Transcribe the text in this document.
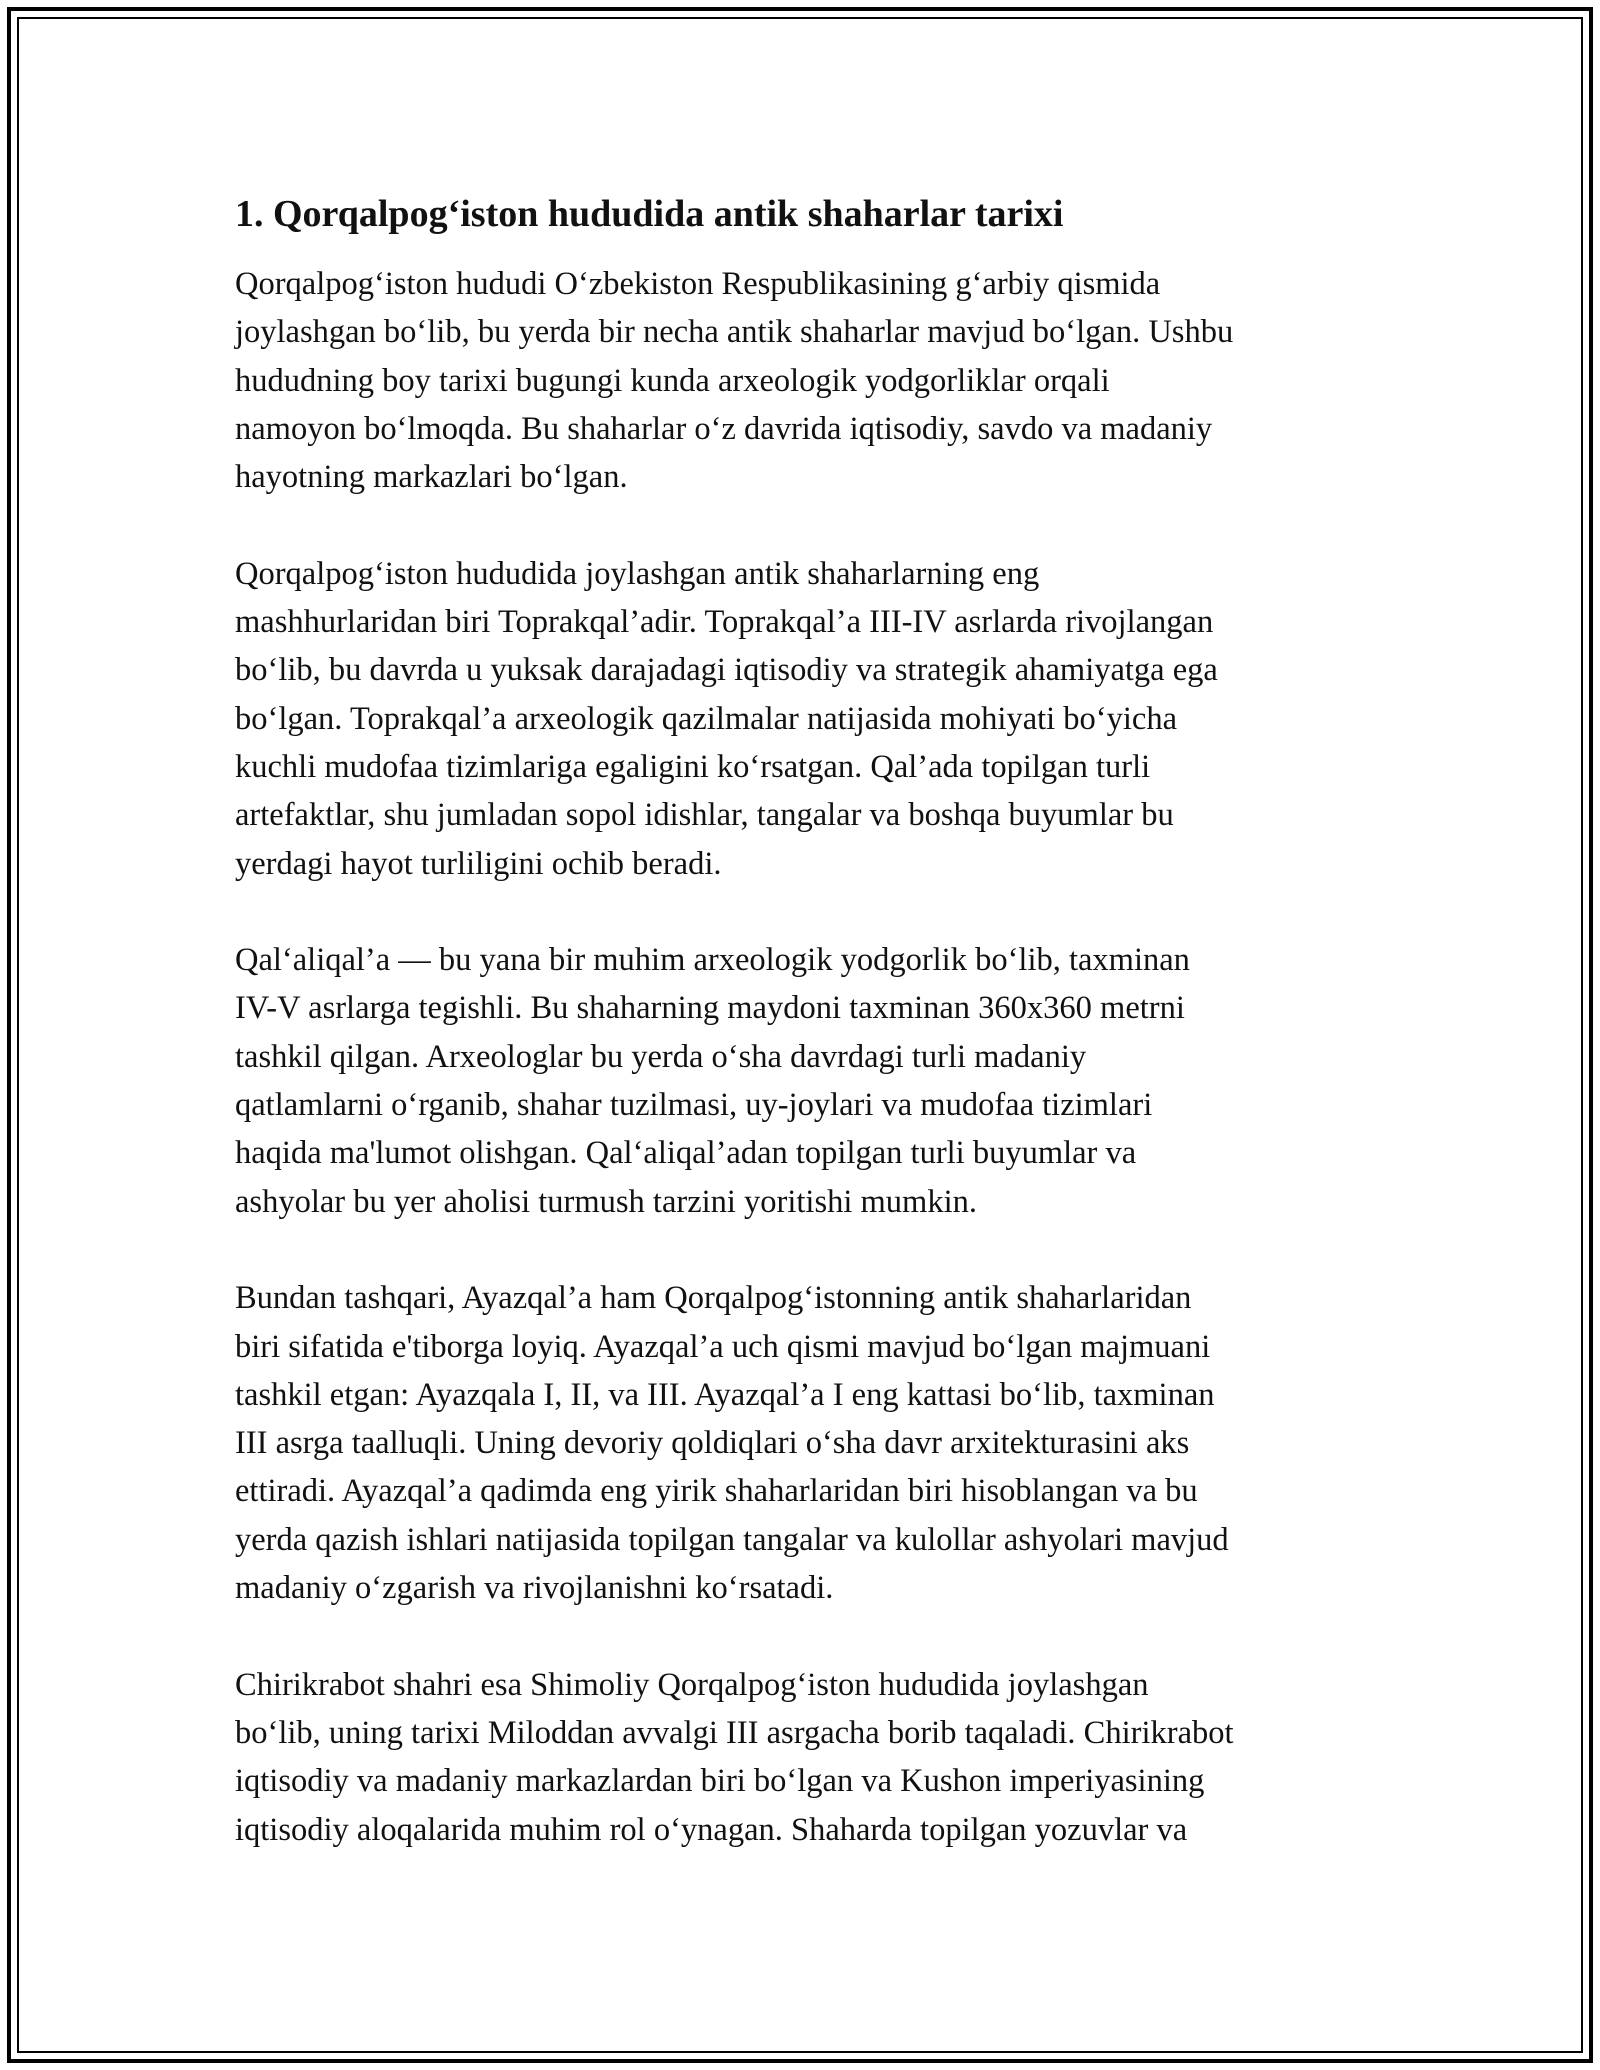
1. Qorqalpog‘iston hududida antik shaharlar tarixi

Qorqalpog‘iston hududi O‘zbekiston Respublikasining g‘arbiy qismida
joylashgan bo‘lib, bu yerda bir necha antik shaharlar mavjud bo‘lgan. Ushbu
hududning boy tarixi bugungi kunda arxeologik yodgorliklar orqali
namoyon bo‘lmoqda. Bu shaharlar o‘z davrida iqtisodiy, savdo va madaniy
hayotning markazlari bo‘lgan.

Qorqalpog‘iston hududida joylashgan antik shaharlarning eng
mashhurlaridan biri Toprakqal’adir. Toprakqal’a III-IV asrlarda rivojlangan
bo‘lib, bu davrda u yuksak darajadagi iqtisodiy va strategik ahamiyatga ega
bo‘lgan. Toprakqal’a arxeologik qazilmalar natijasida mohiyati bo‘yicha
kuchli mudofaa tizimlariga egaligini ko‘rsatgan. Qal’ada topilgan turli
artefaktlar, shu jumladan sopol idishlar, tangalar va boshqa buyumlar bu
yerdagi hayot turliligini ochib beradi.

Qal‘aliqal’a — bu yana bir muhim arxeologik yodgorlik bo‘lib, taxminan
IV-V asrlarga tegishli. Bu shaharning maydoni taxminan 360x360 metrni
tashkil qilgan. Arxeologlar bu yerda o‘sha davrdagi turli madaniy
qatlamlarni o‘rganib, shahar tuzilmasi, uy-joylari va mudofaa tizimlari
haqida ma'lumot olishgan. Qal‘aliqal’adan topilgan turli buyumlar va
ashyolar bu yer aholisi turmush tarzini yoritishi mumkin.

Bundan tashqari, Ayazqal’a ham Qorqalpog‘istonning antik shaharlaridan
biri sifatida e'tiborga loyiq. Ayazqal’a uch qismi mavjud bo‘lgan majmuani
tashkil etgan: Ayazqala I, II, va III. Ayazqal’a I eng kattasi bo‘lib, taxminan
III asrga taalluqli. Uning devoriy qoldiqlari o‘sha davr arxitekturasini aks
ettiradi. Ayazqal’a qadimda eng yirik shaharlaridan biri hisoblangan va bu
yerda qazish ishlari natijasida topilgan tangalar va kulollar ashyolari mavjud
madaniy o‘zgarish va rivojlanishni ko‘rsatadi.

Chirikrabot shahri esa Shimoliy Qorqalpog‘iston hududida joylashgan
bo‘lib, uning tarixi Miloddan avvalgi III asrgacha borib taqaladi. Chirikrabot
iqtisodiy va madaniy markazlardan biri bo‘lgan va Kushon imperiyasining
iqtisodiy aloqalarida muhim rol o‘ynagan. Shaharda topilgan yozuvlar va
